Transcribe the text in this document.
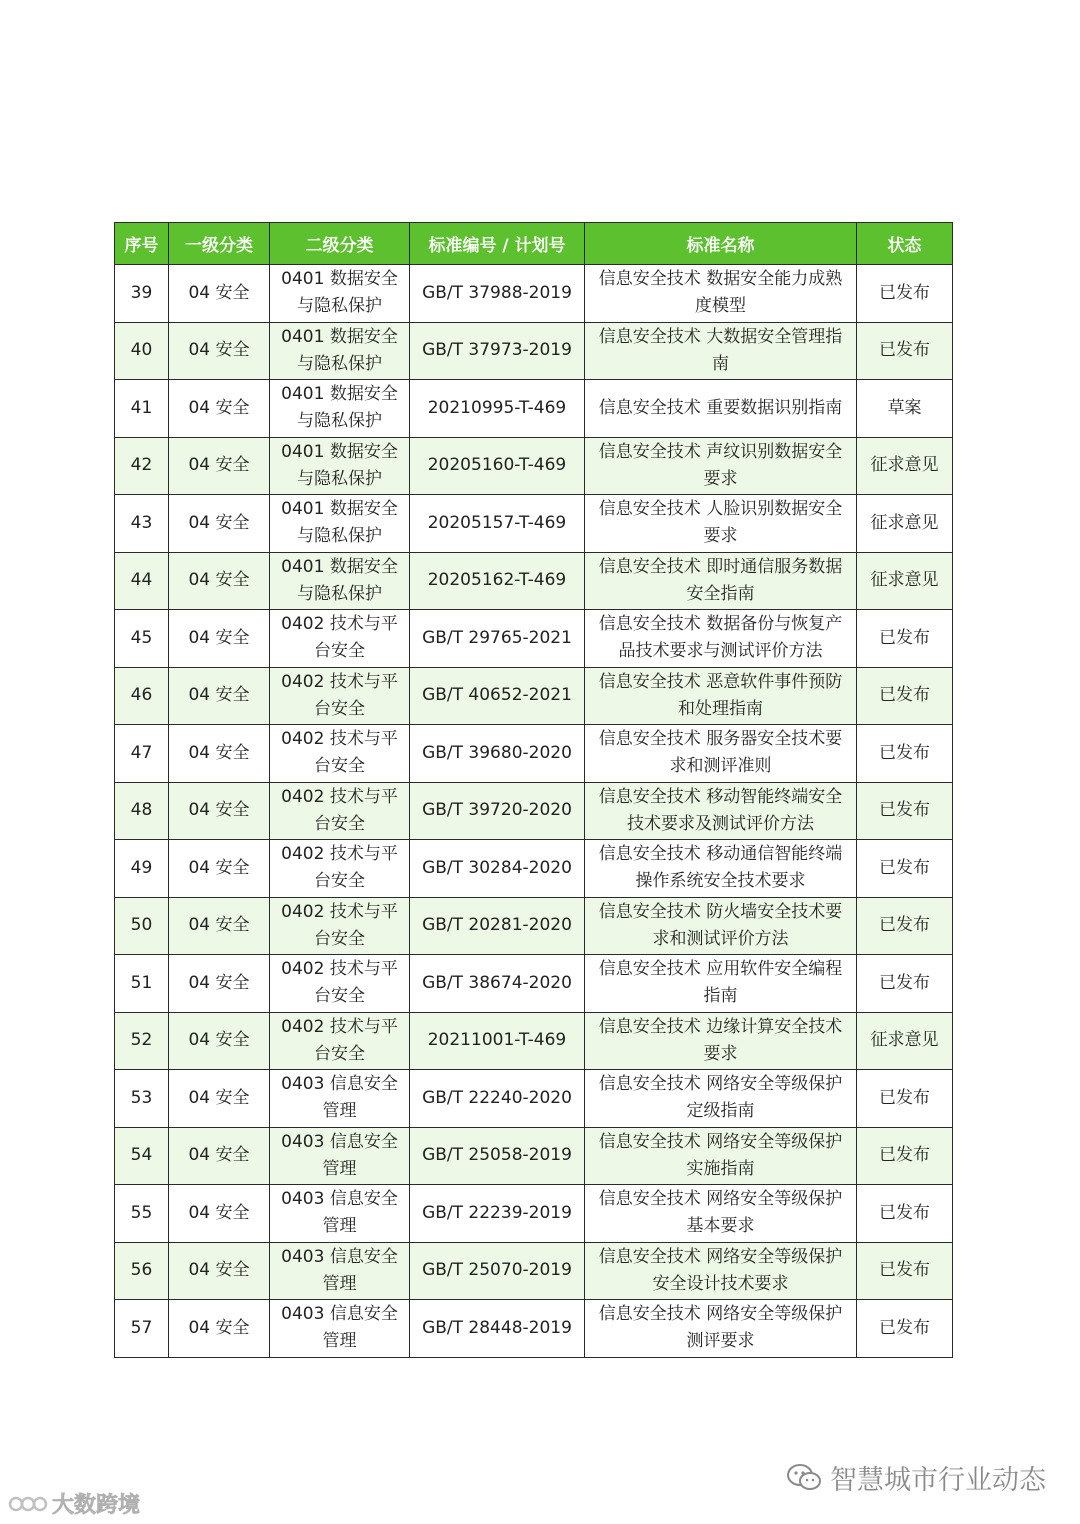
序号	一级分类	二级分类	标准编号 / 计划号	标准名称	状态
39	04 安全	0401 数据安全与隐私保护	GB/T 37988-2019	信息安全技术 数据安全能力成熟度模型	已发布
40	04 安全	0401 数据安全与隐私保护	GB/T 37973-2019	信息安全技术 大数据安全管理指南	已发布
41	04 安全	0401 数据安全与隐私保护	20210995-T-469	信息安全技术 重要数据识别指南	草案
42	04 安全	0401 数据安全与隐私保护	20205160-T-469	信息安全技术 声纹识别数据安全要求	征求意见
43	04 安全	0401 数据安全与隐私保护	20205157-T-469	信息安全技术 人脸识别数据安全要求	征求意见
44	04 安全	0401 数据安全与隐私保护	20205162-T-469	信息安全技术 即时通信服务数据安全指南	征求意见
45	04 安全	0402 技术与平台安全	GB/T 29765-2021	信息安全技术 数据备份与恢复产品技术要求与测试评价方法	已发布
46	04 安全	0402 技术与平台安全	GB/T 40652-2021	信息安全技术 恶意软件事件预防和处理指南	已发布
47	04 安全	0402 技术与平台安全	GB/T 39680-2020	信息安全技术 服务器安全技术要求和测评准则	已发布
48	04 安全	0402 技术与平台安全	GB/T 39720-2020	信息安全技术 移动智能终端安全技术要求及测试评价方法	已发布
49	04 安全	0402 技术与平台安全	GB/T 30284-2020	信息安全技术 移动通信智能终端操作系统安全技术要求	已发布
50	04 安全	0402 技术与平台安全	GB/T 20281-2020	信息安全技术 防火墙安全技术要求和测试评价方法	已发布
51	04 安全	0402 技术与平台安全	GB/T 38674-2020	信息安全技术 应用软件安全编程指南	已发布
52	04 安全	0402 技术与平台安全	20211001-T-469	信息安全技术 边缘计算安全技术要求	征求意见
53	04 安全	0403 信息安全管理	GB/T 22240-2020	信息安全技术 网络安全等级保护定级指南	已发布
54	04 安全	0403 信息安全管理	GB/T 25058-2019	信息安全技术 网络安全等级保护实施指南	已发布
55	04 安全	0403 信息安全管理	GB/T 22239-2019	信息安全技术 网络安全等级保护基本要求	已发布
56	04 安全	0403 信息安全管理	GB/T 25070-2019	信息安全技术 网络安全等级保护安全设计技术要求	已发布
57	04 安全	0403 信息安全管理	GB/T 28448-2019	信息安全技术 网络安全等级保护测评要求	已发布
大数跨境
智慧城市行业动态
